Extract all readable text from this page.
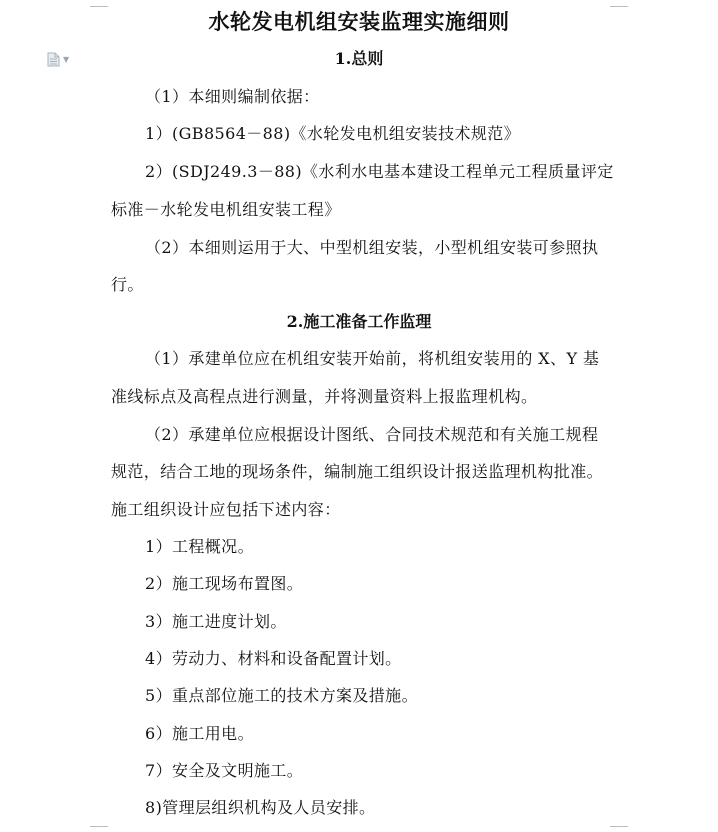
▼
水轮发电机组安装监理实施细则
1.总则
（1）本细则编制依据：
1）(GB8564－88)《水轮发电机组安装技术规范》
2）(SDJ249.3－88)《水利水电基本建设工程单元工程质量评定
标准－水轮发电机组安装工程》
（2）本细则运用于大、中型机组安装，小型机组安装可参照执
行。
2.施工准备工作监理
（1）承建单位应在机组安装开始前，将机组安装用的 X、Y 基
准线标点及高程点进行测量，并将测量资料上报监理机构。
（2）承建单位应根据设计图纸、合同技术规范和有关施工规程
规范，结合工地的现场条件，编制施工组织设计报送监理机构批准。
施工组织设计应包括下述内容：
1）工程概况。
2）施工现场布置图。
3）施工进度计划。
4）劳动力、材料和设备配置计划。
5）重点部位施工的技术方案及措施。
6）施工用电。
7）安全及文明施工。
8)管理层组织机构及人员安排。
